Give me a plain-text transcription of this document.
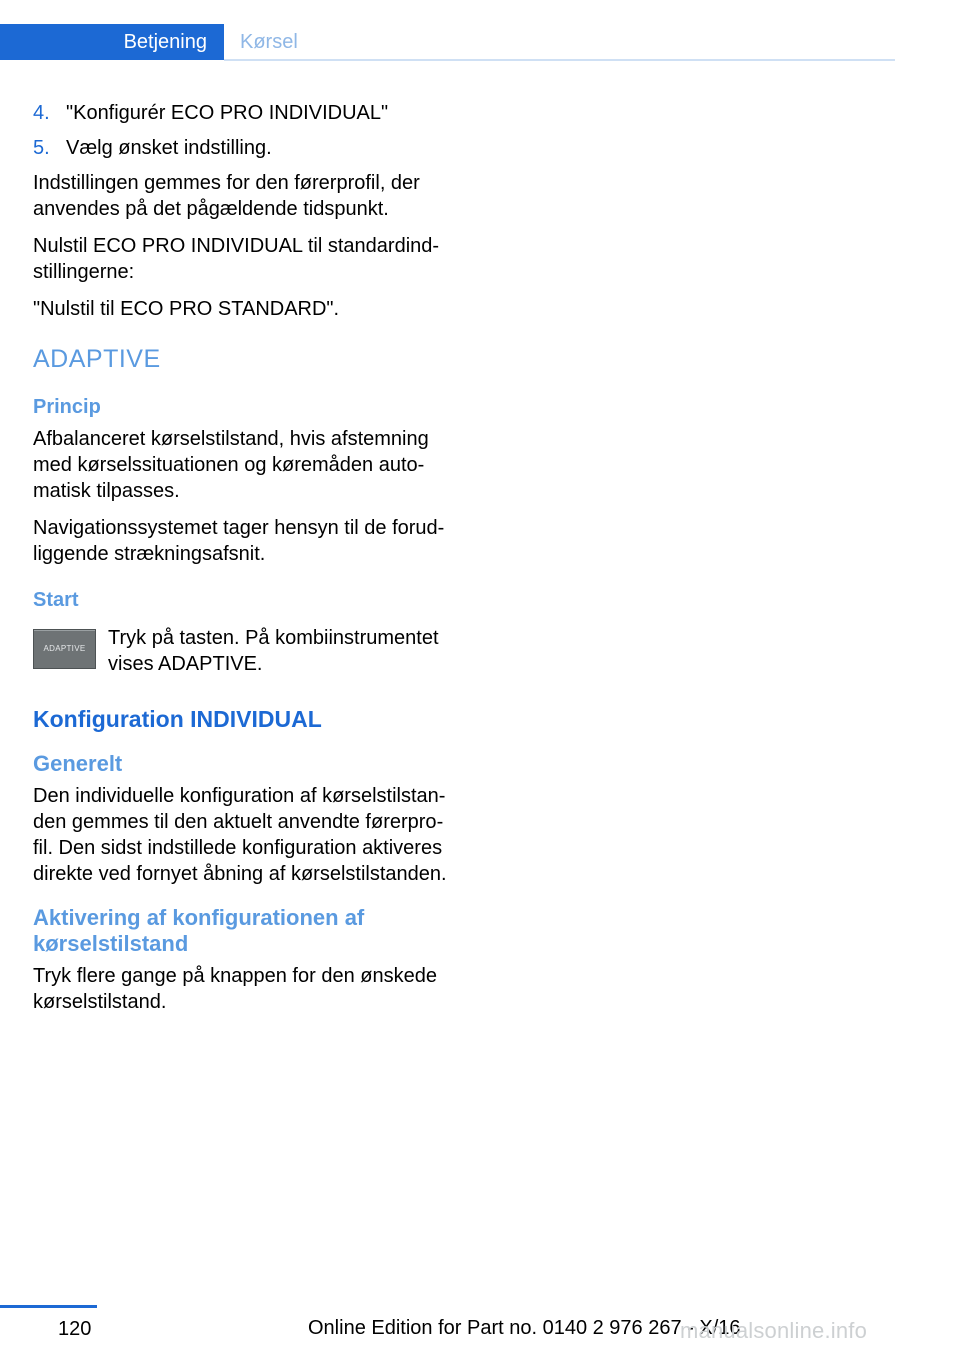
Betjening	Kørsel
4. "Konfigurér ECO PRO INDIVIDUAL"
5. Vælg ønsket indstilling.

Indstillingen gemmes for den førerprofil, der anvendes på det pågældende tidspunkt.

Nulstil ECO PRO INDIVIDUAL til standardindstillingerne:

"Nulstil til ECO PRO STANDARD".

ADAPTIVE
Princip

Afbalanceret kørselstilstand, hvis afstemning med kørselssituationen og køremåden automatisk tilpasses.

Navigationssystemet tager hensyn til de forudliggende strækningsafsnit.

Start
ADAPTIVE	Tryk på tasten. På kombiinstrumentet vises ADAPTIVE.
Konfiguration INDIVIDUAL
Generelt

Den individuelle konfiguration af kørselstilstanden gemmes til den aktuelt anvendte førerprofil. Den sidst indstillede konfiguration aktiveres direkte ved fornyet åbning af kørselstilstanden.

Aktivering af konfigurationen af kørselstilstand

Tryk flere gange på knappen for den ønskede kørselstilstand.

120	Online Edition for Part no. 0140 2 976 267 - X/16
manualsonline.info
